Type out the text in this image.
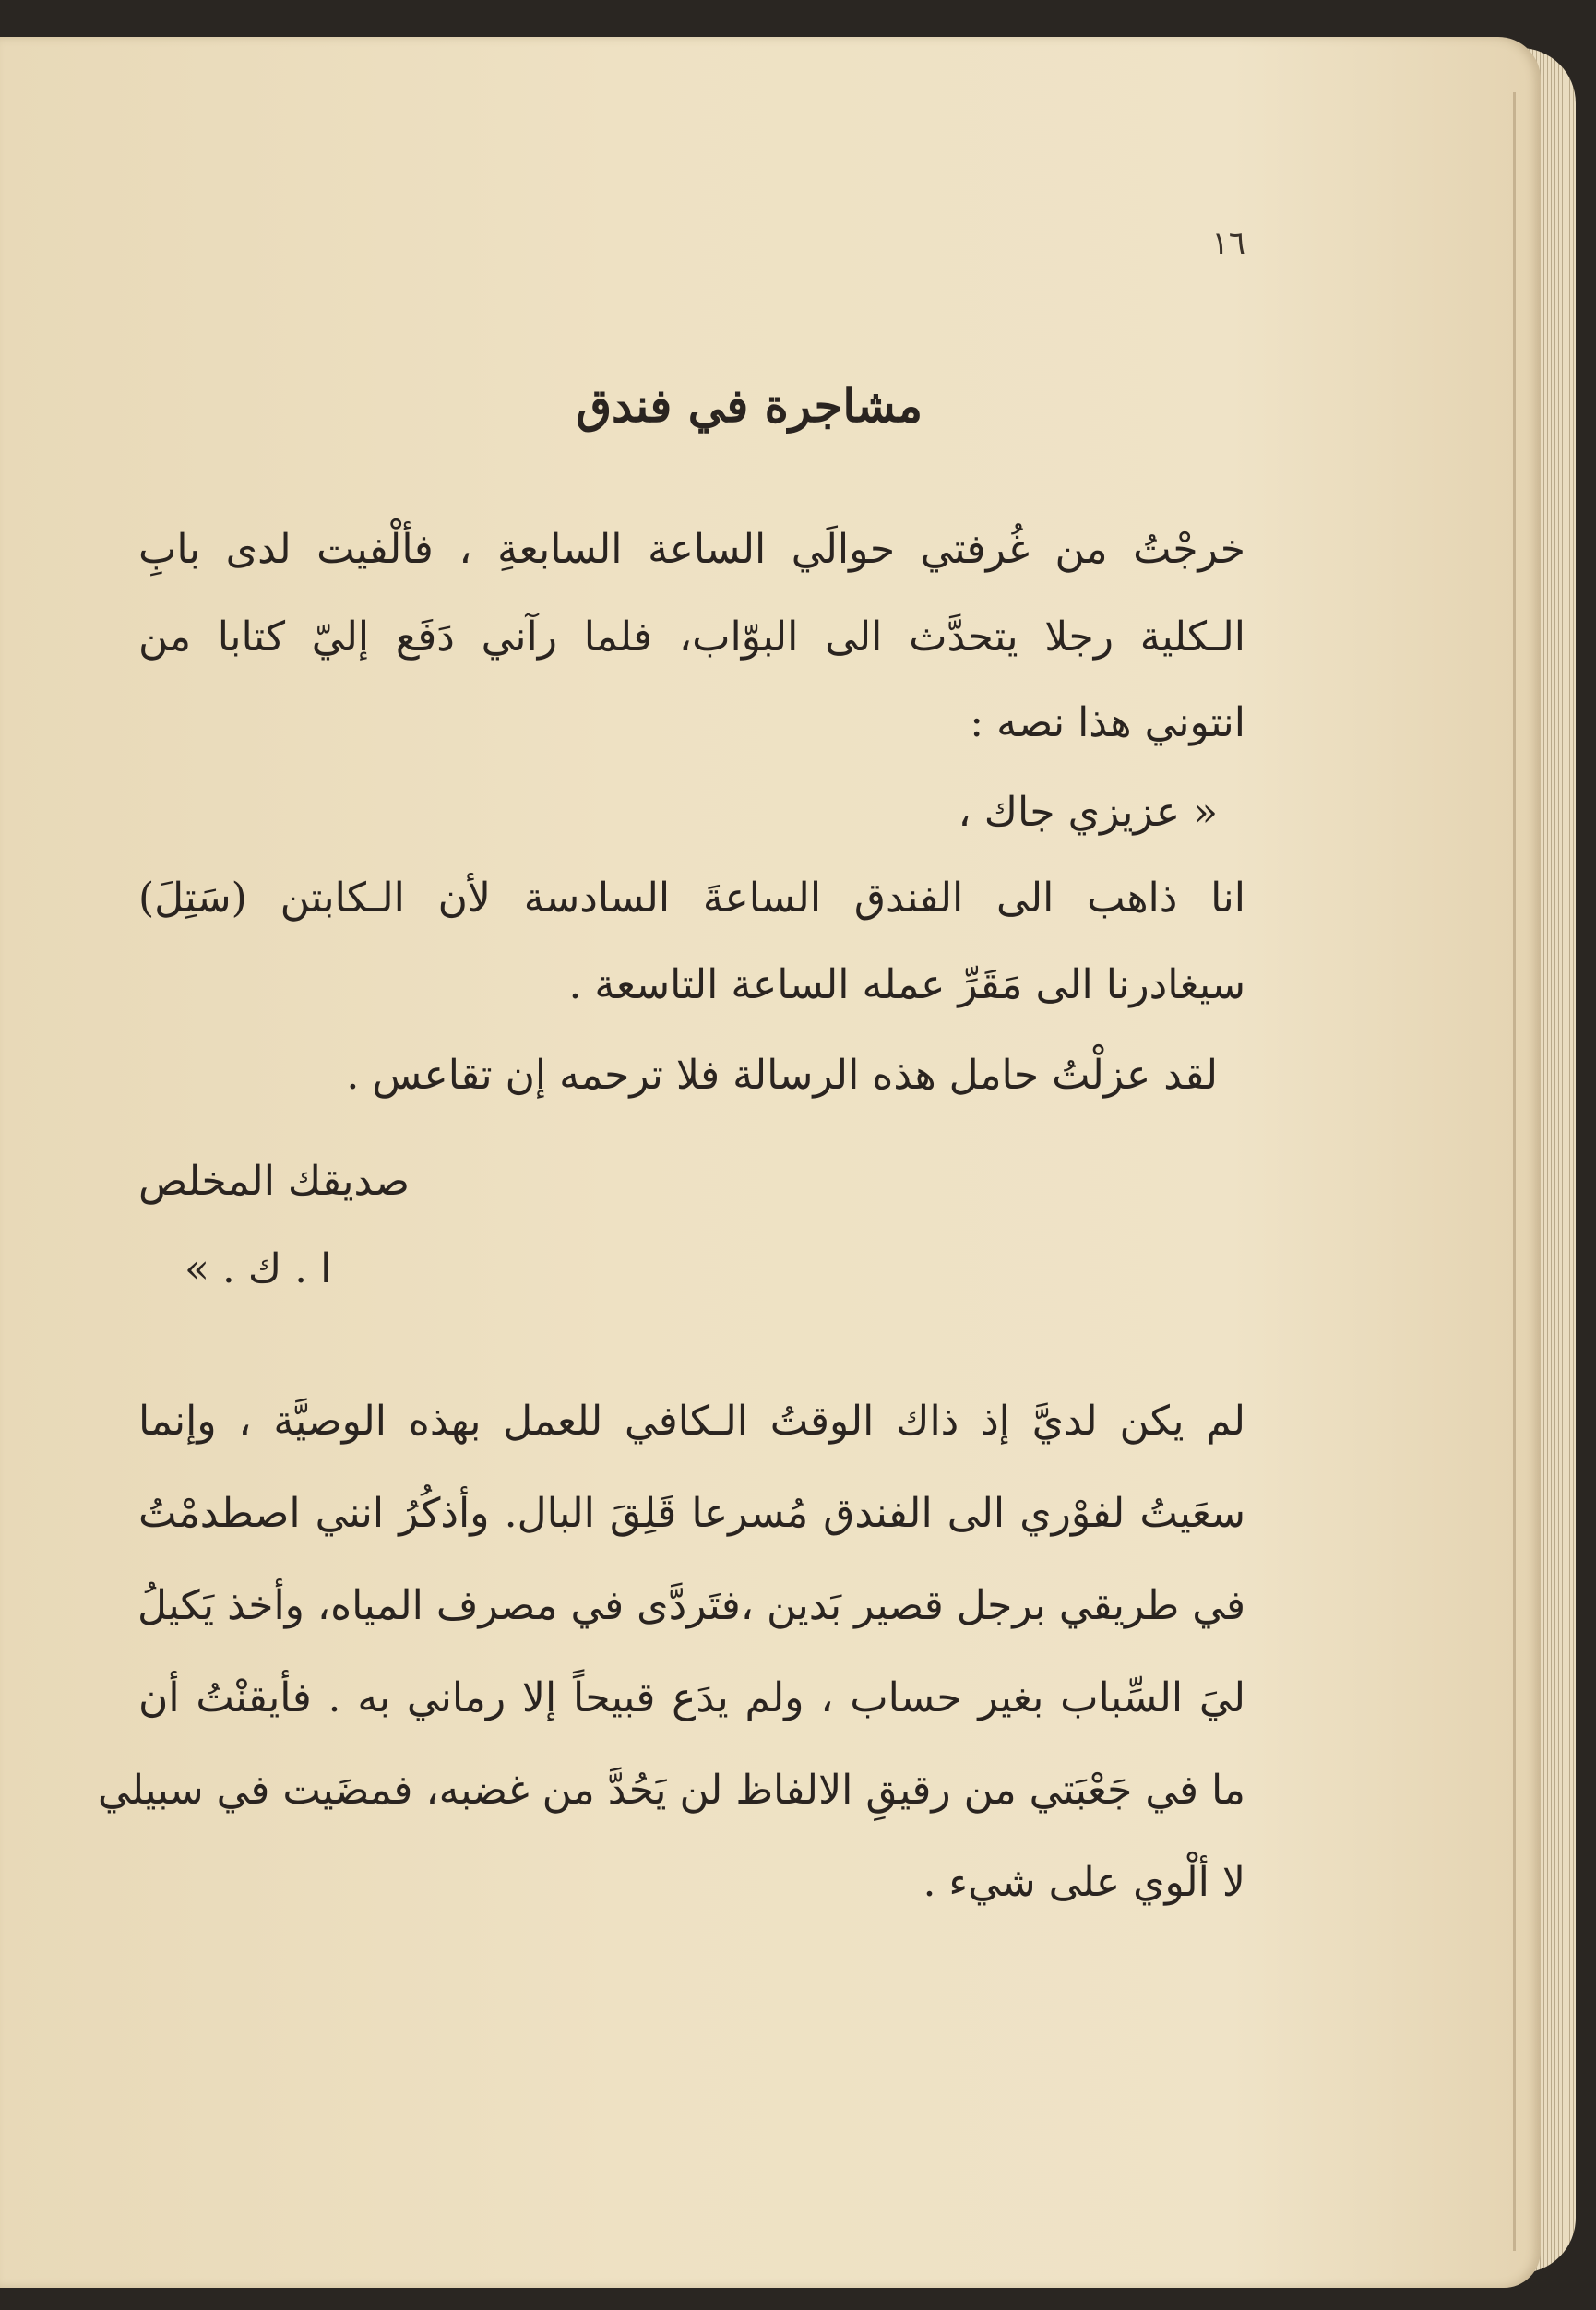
١٦
مشاجرة في فندق
خرجْتُ من غُرفتي حوالَي الساعة السابعةِ ، فألْفيت لدى بابِ
الـكلية رجلا يتحدَّث الى البوّاب، فلما رآني دَفَع إليّ كتابا من
انتوني هذا نصه :
« عزيزي جاك ،
انا ذاهب الى الفندق الساعةَ السادسة لأن الـكابتن (سَتِلَ)
سيغادرنا الى مَقَرِّ عمله الساعة التاسعة .
لقد عزلْتُ حامل هذه الرسالة فلا ترحمه إن تقاعس .
صديقك المخلص
ا . ك . »
لم يكن لديَّ إذ ذاك الوقتُ الـكافي للعمل بهذه الوصيَّة ، وإنما
سعَيتُ لفوْري الى الفندق مُسرعا قَلِقَ البال. وأذكُرُ انني اصطدمْتُ
في طريقي برجل قصير بَدين ،فتَردَّى في مصرف المياه، وأخذ يَكيلُ
ليَ السِّباب بغير حساب ، ولم يدَع قبيحاً إلا رماني به . فأيقنْتُ أن
ما في جَعْبَتي من رقيقِ الالفاظ لن يَحُدَّ من غضبه، فمضَيت في سبيلي
لا ألْوي على شيء .
